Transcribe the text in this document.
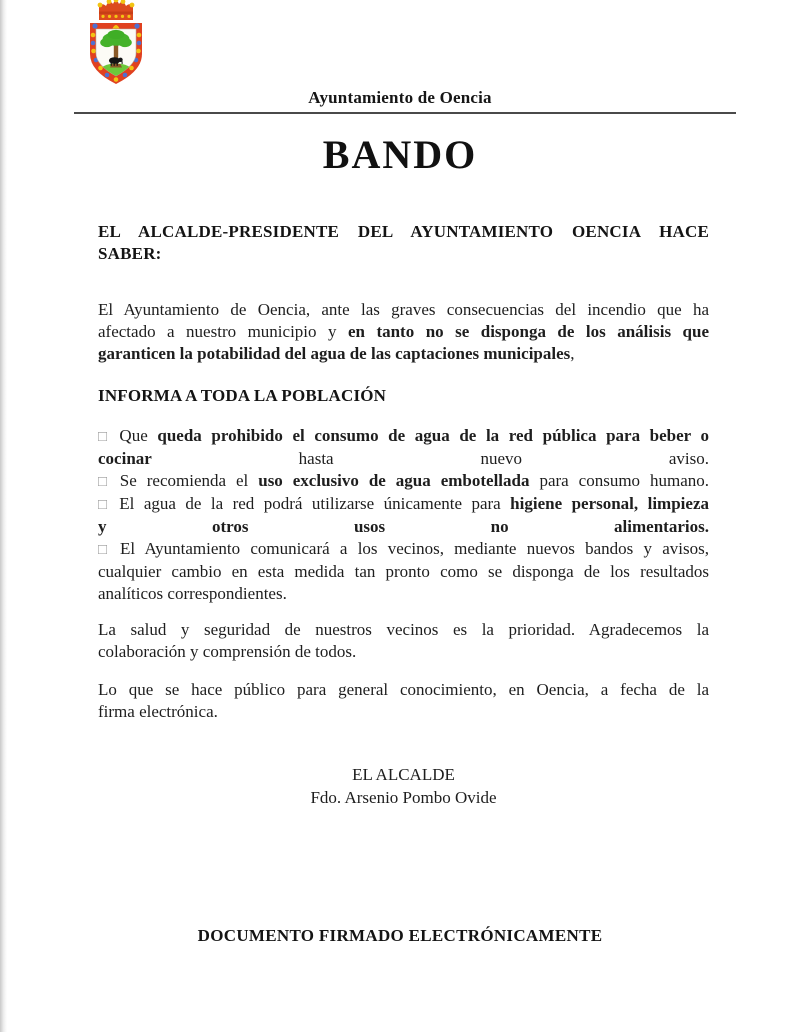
Ayuntamiento de Oencia
BANDO

EL ALCALDE-PRESIDENTE DEL AYUNTAMIENTO OENCIA HACE
SABER:

El Ayuntamiento de Oencia, ante las graves consecuencias del incendio que ha
afectado a nuestro municipio y en tanto no se disponga de los análisis que
garanticen la potabilidad del agua de las captaciones municipales,

INFORMA A TODA LA POBLACIÓN

□ Que queda prohibido el consumo de agua de la red pública para beber o
cocinar	hasta	nuevo	aviso.
□ Se recomienda el uso exclusivo de agua embotellada para consumo humano.
□ El agua de la red podrá utilizarse únicamente para higiene personal, limpieza
y	otros	usos	no	alimentarios.
□ El Ayuntamiento comunicará a los vecinos, mediante nuevos bandos y avisos,
cualquier cambio en esta medida tan pronto como se disponga de los resultados
analíticos correspondientes.

La salud y seguridad de nuestros vecinos es la prioridad. Agradecemos la
colaboración y comprensión de todos.

Lo que se hace público para general conocimiento, en Oencia, a fecha de la
firma electrónica.

EL ALCALDE
Fdo. Arsenio Pombo Ovide

DOCUMENTO FIRMADO ELECTRÓNICAMENTE
